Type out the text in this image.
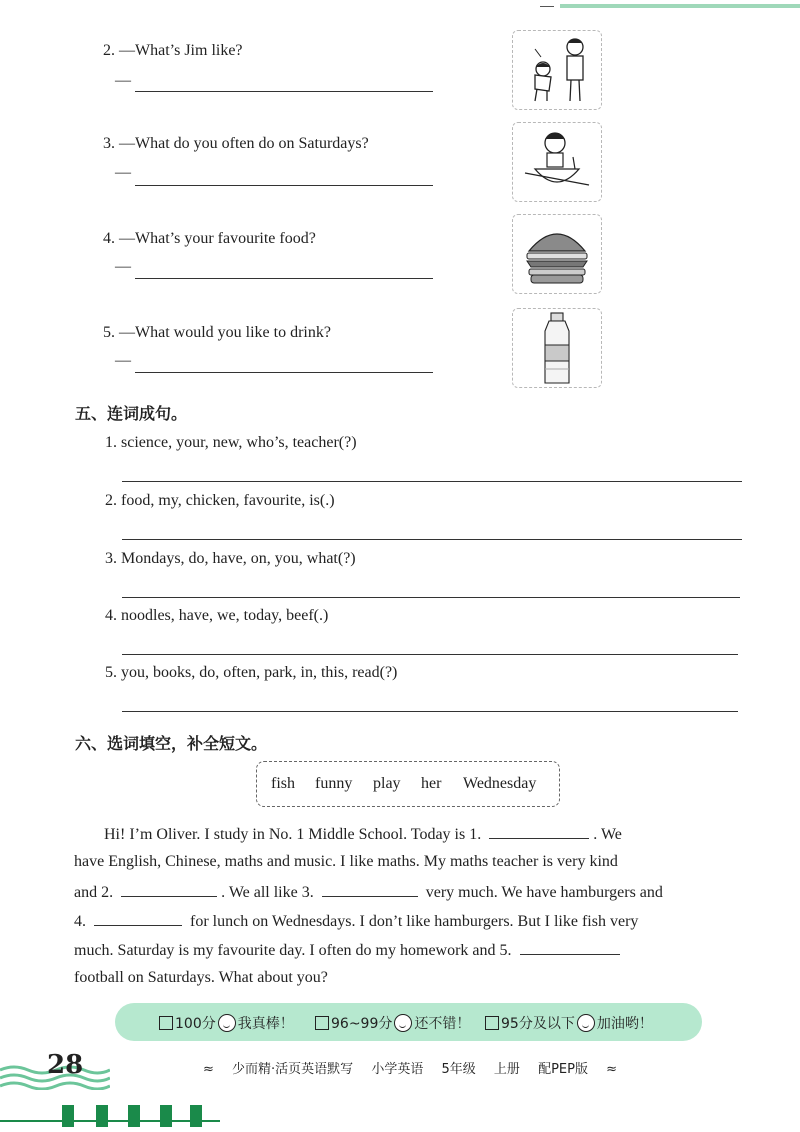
2. —What’s Jim like?
—
3. —What do you often do on Saturdays?
—
4. —What’s your favourite food?
—
5. —What would you like to drink?
—
五、连词成句。
1. science, your, new, who’s, teacher(?)
2. food, my, chicken, favourite, is(.)
3. Mondays, do, have, on, you, what(?)
4. noodles, have, we, today, beef(.)
5. you, books, do, often, park, in, this, read(?)
六、选词填空，补全短文。
fish funny play her Wednesday
Hi! I’m Oliver. I study in No. 1 Middle School. Today is 1.	. We
have English, Chinese, maths and music. I like maths. My maths teacher is very kind
and 2.	. We all like 3.	very much. We have hamburgers and
4.	for lunch on Wednesdays. I don’t like hamburgers. But I like fish very
much. Saturday is my favourite day. I often do my homework and 5.
football on Saturdays. What about you?
100分 我真棒！	96~99分 还不错！	95分及以下 加油哟！
28	≈ 少而精·活页英语默写 小学英语 5年级 上册 配PEP版 ≈
